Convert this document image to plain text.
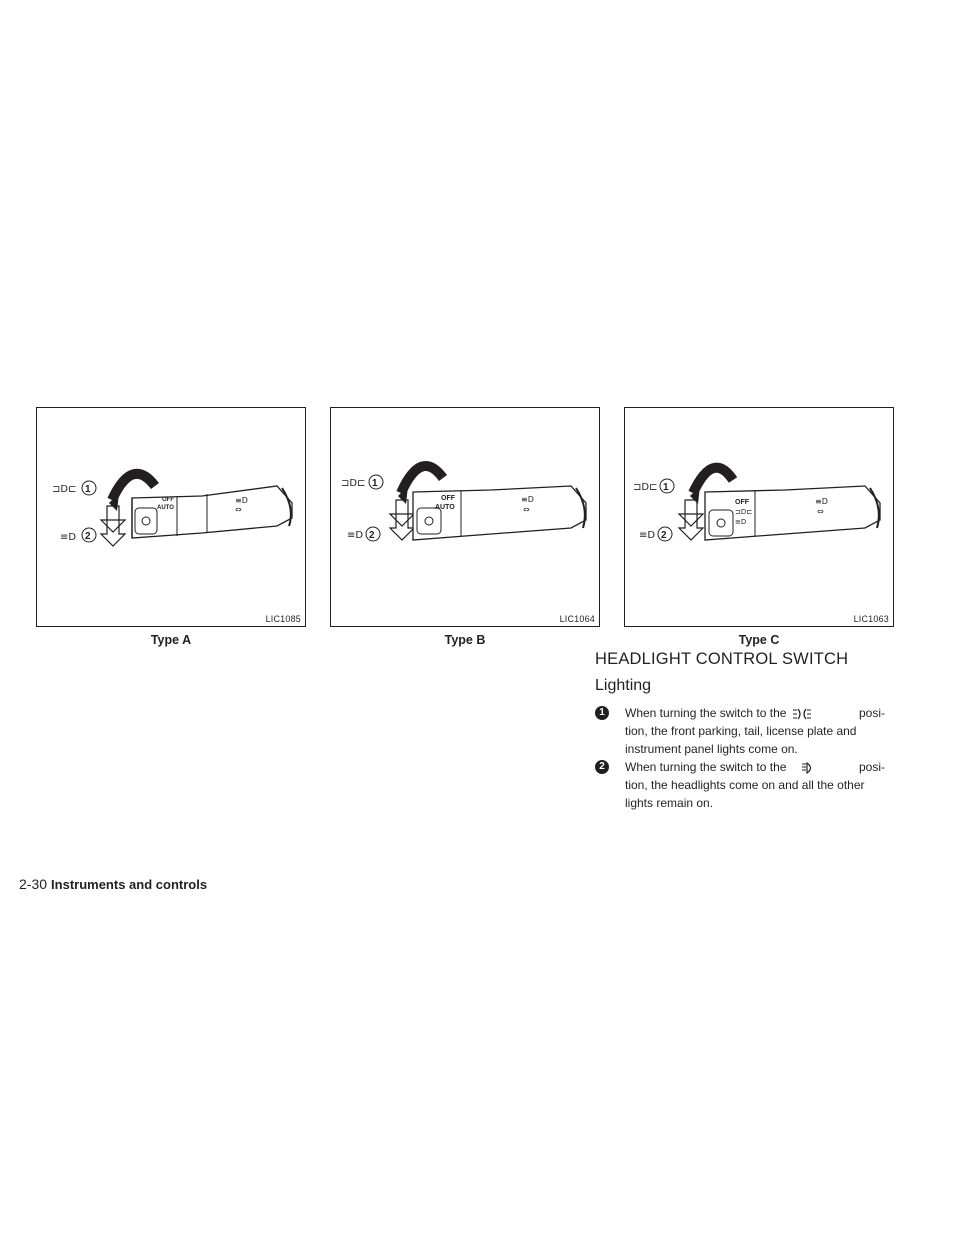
⊐D⊏ 1
≡D 2
OFF
AUTO
≡D
⇔
LIC1085
Type A
⊐D⊏ 1
≡D 2
OFF
AUTO
≡D
⇔
LIC1064
Type B
⊐D⊏ 1
≡D 2
OFF
⊐D⊏
≡D
≡D
⇔
LIC1063
Type C
HEADLIGHT CONTROL SWITCH
Lighting
1	When turning the switch to the	posi-
tion, the front parking, tail, license plate and instrument panel lights come on.
2	When turning the switch to the	posi-
tion, the headlights come on and all the other lights remain on.
2-30 Instruments and controls
